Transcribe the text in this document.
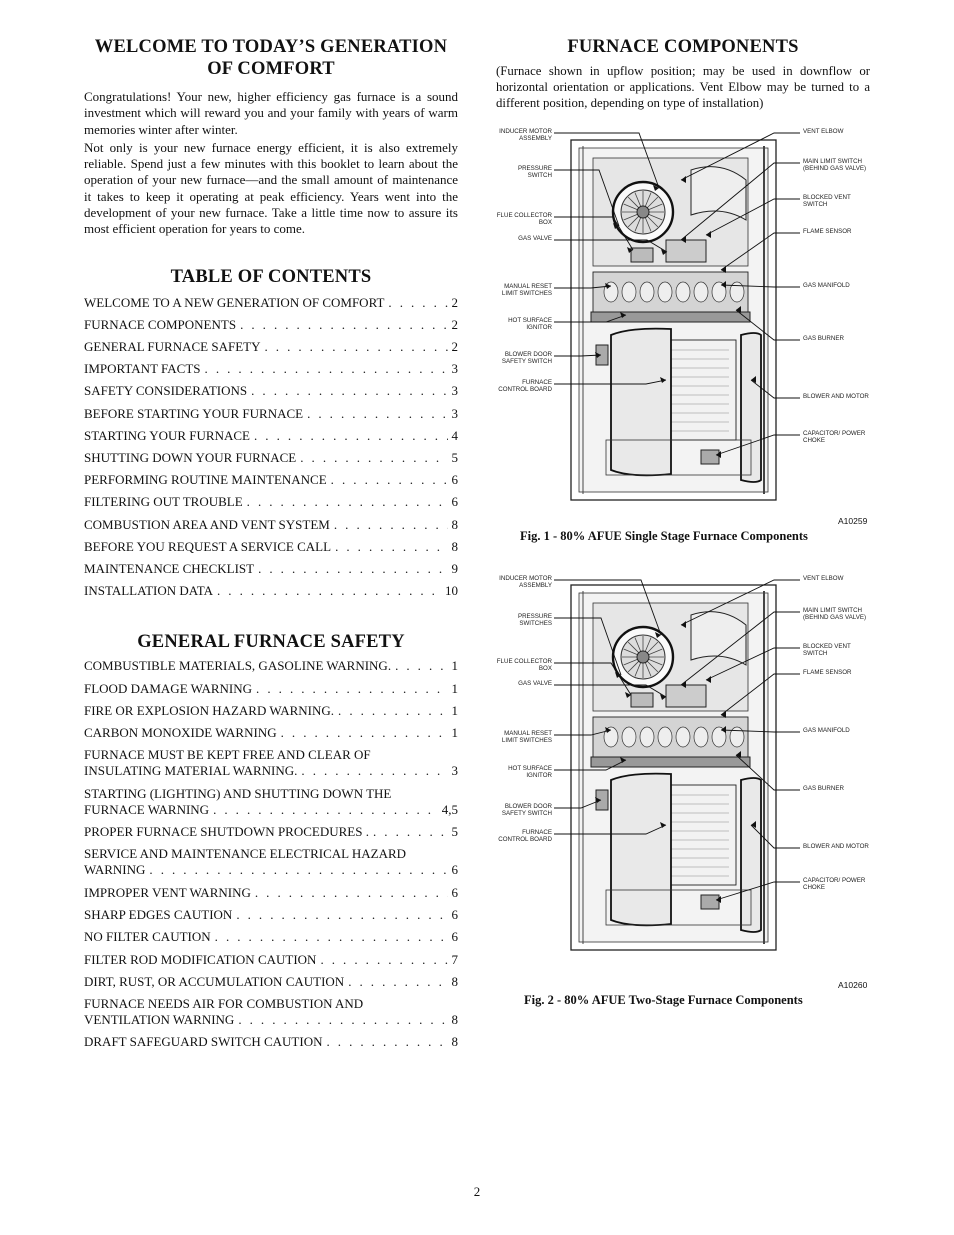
WELCOME TO TODAY’S GENERATION
OF COMFORT

Congratulations! Your new, higher efficiency gas furnace is a sound investment which will reward you and your family with years of warm memories winter after winter.

Not only is your new furnace energy efficient, it is also extremely reliable. Spend just a few minutes with this booklet to learn about the operation of your new furnace—and the small amount of maintenance it takes to keep it operating at peak efficiency. Years went into the development of your new furnace. Take a little time now to assure its most efficient operation for years to come.

TABLE OF CONTENTS
WELCOME TO A NEW GENERATION OF COMFORT . . .	2
FURNACE COMPONENTS . . .	2
GENERAL FURNACE SAFETY . . .	2
IMPORTANT FACTS . . .	3
SAFETY CONSIDERATIONS . . .	3
BEFORE STARTING YOUR FURNACE . . .	3
STARTING YOUR FURNACE . . .	4
SHUTTING DOWN YOUR FURNACE . . .	5
PERFORMING ROUTINE MAINTENANCE . . .	6
FILTERING OUT TROUBLE . . .	6
COMBUSTION AREA AND VENT SYSTEM . . .	8
BEFORE YOU REQUEST A SERVICE CALL . . .	8
MAINTENANCE CHECKLIST . . .	9
INSTALLATION DATA . . .	10
GENERAL FURNACE SAFETY
COMBUSTIBLE MATERIALS, GASOLINE WARNING. . . .	1
FLOOD DAMAGE WARNING . . .	1
FIRE OR EXPLOSION HAZARD WARNING. . . .	1
CARBON MONOXIDE WARNING . . .	1
FURNACE MUST BE KEPT FREE AND CLEAR OF
INSULATING MATERIAL WARNING. . . .	3
STARTING (LIGHTING) AND SHUTTING DOWN THE
FURNACE WARNING . . .	4,5
PROPER FURNACE SHUTDOWN PROCEDURES . . . .	5
SERVICE AND MAINTENANCE ELECTRICAL HAZARD
WARNING . . .	6
IMPROPER VENT WARNING . . .	6
SHARP EDGES CAUTION . . .	6
NO FILTER CAUTION . . .	6
FILTER ROD MODIFICATION CAUTION . . .	7
DIRT, RUST, OR ACCUMULATION CAUTION . . .	8
FURNACE NEEDS AIR FOR COMBUSTION AND
VENTILATION WARNING . . .	8
DRAFT SAFEGUARD SWITCH CAUTION . . .	8
FURNACE COMPONENTS

(Furnace shown in upflow position; may be used in downflow or horizontal orientation or applications. Vent Elbow may be turned to a different position, depending on type of installation)

INDUCER MOTOR ASSEMBLY
PRESSURE SWITCH
FLUE COLLECTOR BOX
GAS VALVE
MANUAL RESET LIMIT SWITCHES
HOT SURFACE IGNITOR
BLOWER DOOR SAFETY SWITCH
FURNACE CONTROL BOARD
VENT ELBOW
MAIN LIMIT SWITCH (BEHIND GAS VALVE)
BLOCKED VENT SWITCH
FLAME SENSOR
GAS MANIFOLD
GAS BURNER
BLOWER AND MOTOR
CAPACITOR/ POWER CHOKE
A10259
Fig. 1 - 80% AFUE Single Stage Furnace Components
INDUCER MOTOR ASSEMBLY
PRESSURE SWITCHES
FLUE COLLECTOR BOX
GAS VALVE
MANUAL RESET LIMIT SWITCHES
HOT SURFACE IGNITOR
BLOWER DOOR SAFETY SWITCH
FURNACE CONTROL BOARD
VENT ELBOW
MAIN LIMIT SWITCH (BEHIND GAS VALVE)
BLOCKED VENT SWITCH
FLAME SENSOR
GAS MANIFOLD
GAS BURNER
BLOWER AND MOTOR
CAPACITOR/ POWER CHOKE
A10260
Fig. 2 - 80% AFUE Two-Stage Furnace Components
2
